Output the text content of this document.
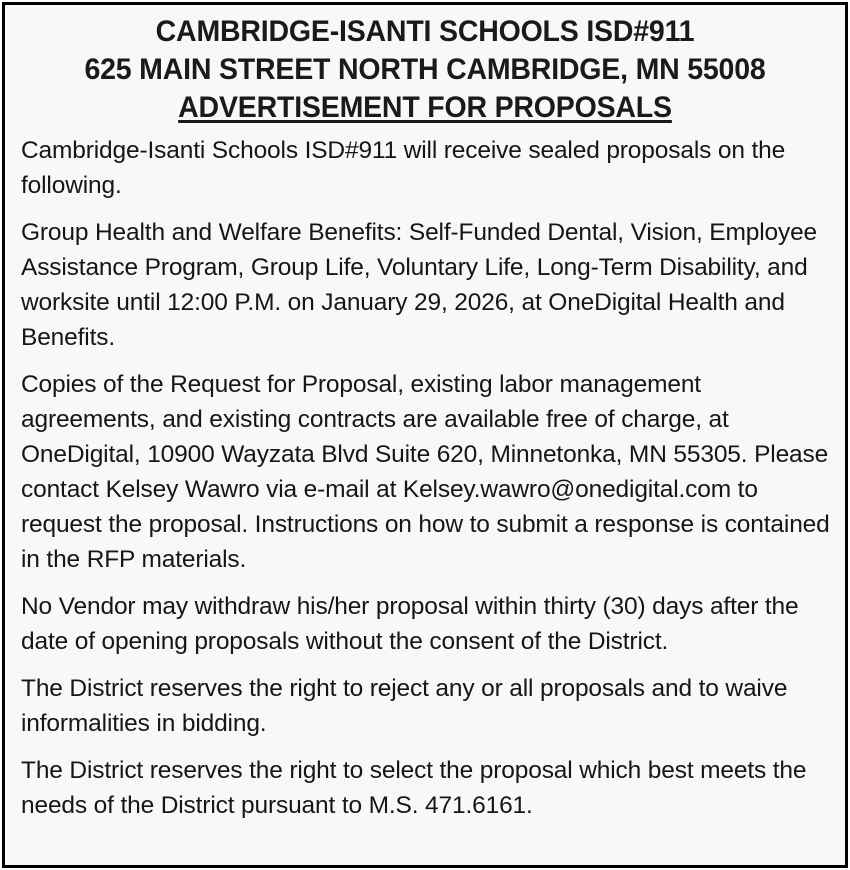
CAMBRIDGE-ISANTI SCHOOLS ISD#911
625 MAIN STREET NORTH CAMBRIDGE, MN 55008
ADVERTISEMENT FOR PROPOSALS

Cambridge-Isanti Schools ISD#911 will receive sealed proposals on the following.

Group Health and Welfare Benefits: Self-Funded Dental, Vision, Employee Assistance Program, Group Life, Voluntary Life, Long-Term Disability, and worksite until 12:00 P.M. on January 29, 2026, at OneDigital Health and Benefits.

Copies of the Request for Proposal, existing labor management agreements, and existing contracts are available free of charge, at OneDigital, 10900 Wayzata Blvd Suite 620, Minnetonka, MN 55305. Please contact Kelsey Wawro via e-mail at Kelsey.wawro@onedigital.com to request the proposal. Instructions on how to submit a response is contained in the RFP materials.

No Vendor may withdraw his/her proposal within thirty (30) days after the date of opening proposals without the consent of the District.

The District reserves the right to reject any or all proposals and to waive informalities in bidding.

The District reserves the right to select the proposal which best meets the needs of the District pursuant to M.S. 471.6161.
